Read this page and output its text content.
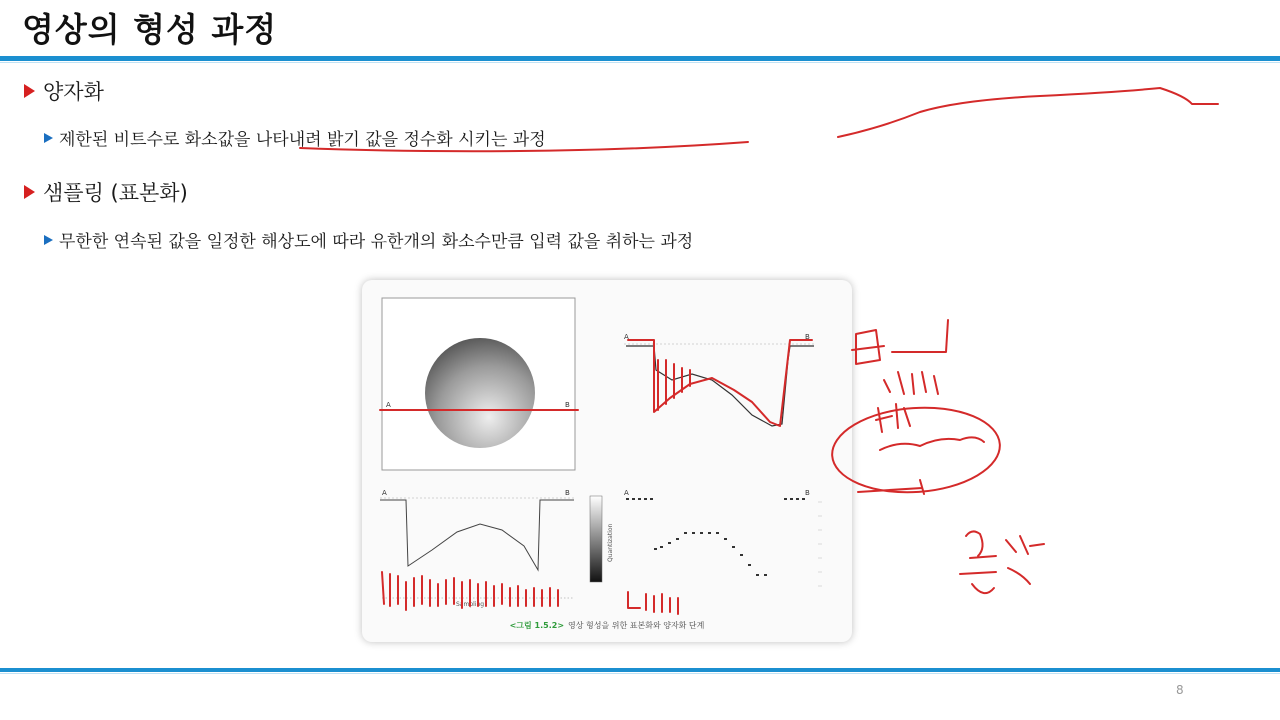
영상의 형성 과정
양자화
제한된 비트수로 화소값을 나타내려 밝기 값을 정수화 시키는 과정
샘플링 (표본화)
무한한 연속된 값을 일정한 해상도에 따라 유한개의 화소수만큼 입력 값을 취하는 과정
A	B
A	B
A	B
Sampling
Quantization
A	B
<그림 1.5.2> 영상 형성을 위한 표본화와 양자화 단계
8
